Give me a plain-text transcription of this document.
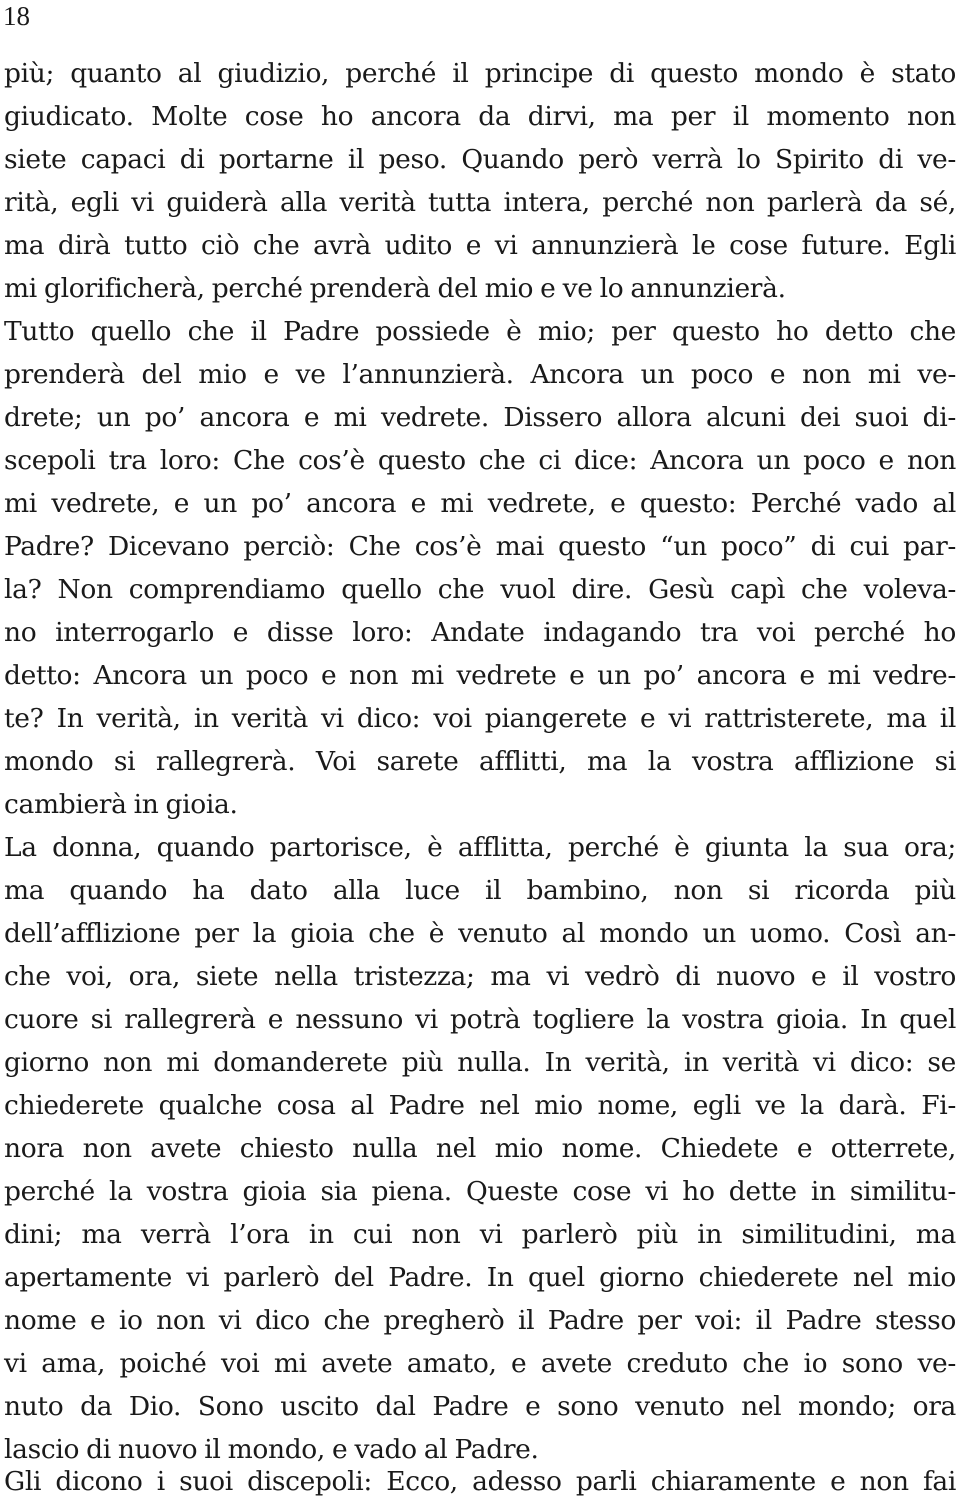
18
più; quanto al giudizio, perché il principe di questo mondo è stato
giudicato. Molte cose ho ancora da dirvi, ma per il momento non
siete capaci di portarne il peso. Quando però verrà lo Spirito di ve-
rità, egli vi guiderà alla verità tutta intera, perché non parlerà da sé,
ma dirà tutto ciò che avrà udito e vi annunzierà le cose future. Egli
mi glorificherà, perché prenderà del mio e ve lo annunzierà.
Tutto quello che il Padre possiede è mio; per questo ho detto che
prenderà del mio e ve l’annunzierà. Ancora un poco e non mi ve-
drete; un po’ ancora e mi vedrete. Dissero allora alcuni dei suoi di-
scepoli tra loro: Che cos’è questo che ci dice: Ancora un poco e non
mi vedrete, e un po’ ancora e mi vedrete, e questo: Perché vado al
Padre? Dicevano perciò: Che cos’è mai questo “un poco” di cui par-
la? Non comprendiamo quello che vuol dire. Gesù capì che voleva-
no interrogarlo e disse loro: Andate indagando tra voi perché ho
detto: Ancora un poco e non mi vedrete e un po’ ancora e mi vedre-
te? In verità, in verità vi dico: voi piangerete e vi rattristerete, ma il
mondo si rallegrerà. Voi sarete afflitti, ma la vostra afflizione si
cambierà in gioia.
La donna, quando partorisce, è afflitta, perché è giunta la sua ora;
ma quando ha dato alla luce il bambino, non si ricorda più
dell’afflizione per la gioia che è venuto al mondo un uomo. Così an-
che voi, ora, siete nella tristezza; ma vi vedrò di nuovo e il vostro
cuore si rallegrerà e nessuno vi potrà togliere la vostra gioia. In quel
giorno non mi domanderete più nulla. In verità, in verità vi dico: se
chiederete qualche cosa al Padre nel mio nome, egli ve la darà. Fi-
nora non avete chiesto nulla nel mio nome. Chiedete e otterrete,
perché la vostra gioia sia piena. Queste cose vi ho dette in similitu-
dini; ma verrà l’ora in cui non vi parlerò più in similitudini, ma
apertamente vi parlerò del Padre. In quel giorno chiederete nel mio
nome e io non vi dico che pregherò il Padre per voi: il Padre stesso
vi ama, poiché voi mi avete amato, e avete creduto che io sono ve-
nuto da Dio. Sono uscito dal Padre e sono venuto nel mondo; ora
lascio di nuovo il mondo, e vado al Padre.
Gli dicono i suoi discepoli: Ecco, adesso parli chiaramente e non fai
